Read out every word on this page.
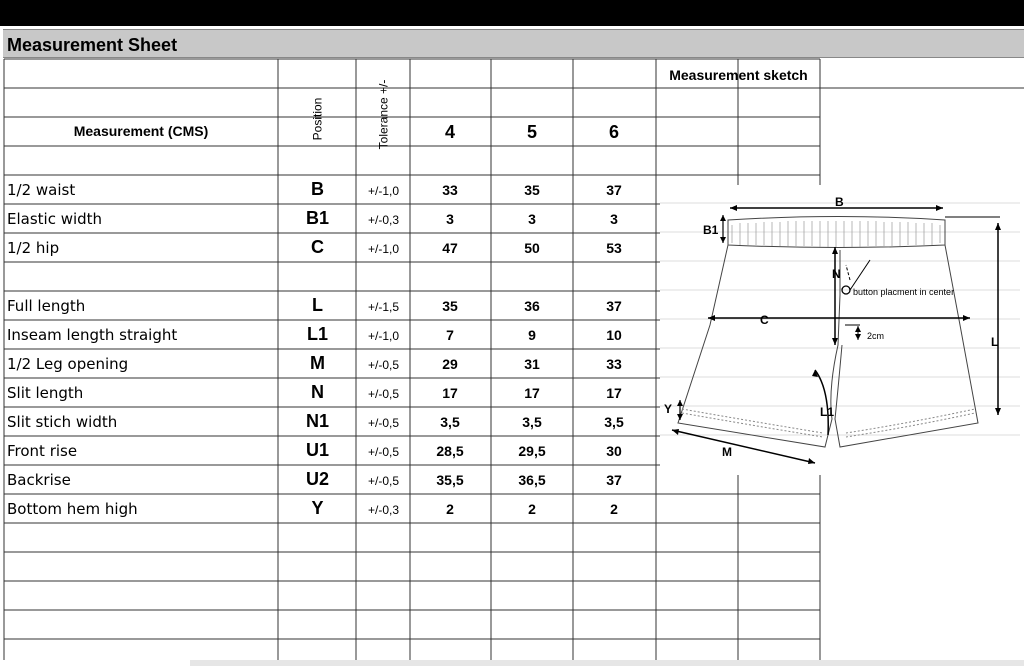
Measurement Sheet
Measurement (CMS)	Position	Tolerance +/-	4	5	6
Measurement sketch
1/2 waist	B	+/-1,0	33	35	37
Elastic width	B1	+/-0,3	3	3	3
1/2 hip	C	+/-1,0	47	50	53
Full length	L	+/-1,5	35	36	37
Inseam length straight	L1	+/-1,0	7	9	10
1/2 Leg opening	M	+/-0,5	29	31	33
Slit length	N	+/-0,5	17	17	17
Slit stich width	N1	+/-0,5	3,5	3,5	3,5
Front rise	U1	+/-0,5	28,5	29,5	30
Backrise	U2	+/-0,5	35,5	36,5	37
Bottom hem high	Y	+/-0,3	2	2	2
B
B1
N
button placment in center
C
2cm	L
Y	L1
M
